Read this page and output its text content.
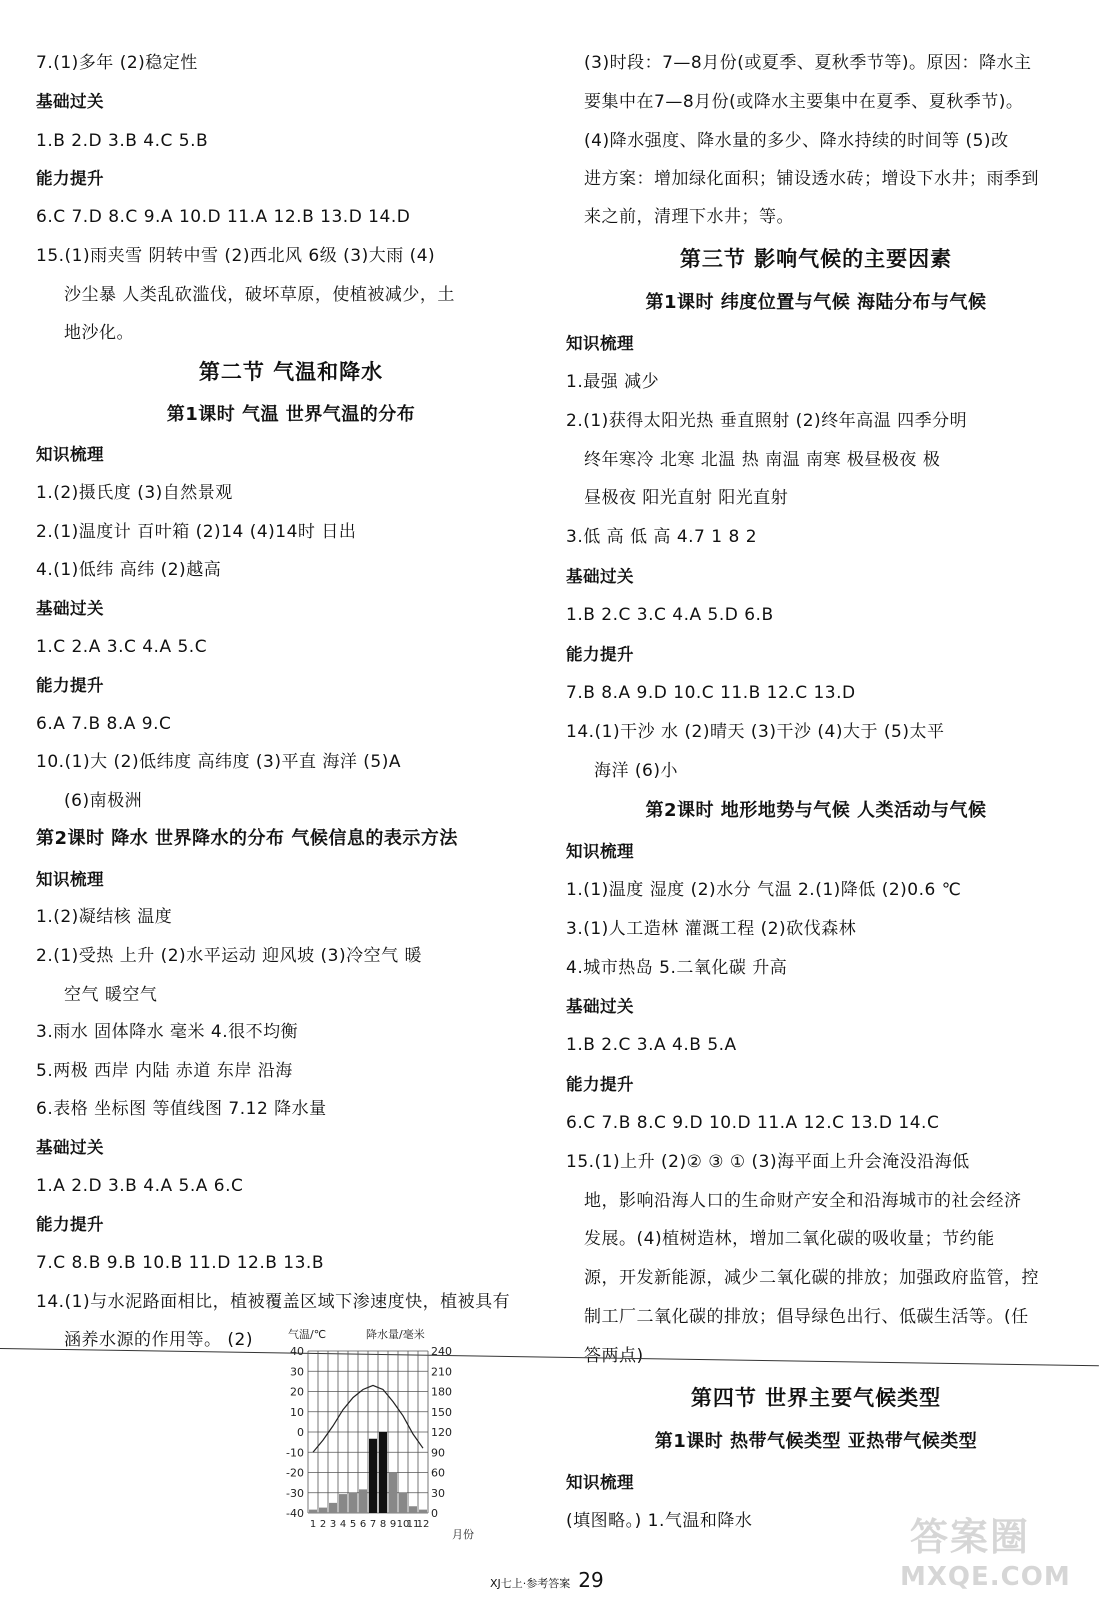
7.(1)多年 (2)稳定性
基础过关
1.B 2.D 3.B 4.C 5.B
能力提升
6.C 7.D 8.C 9.A 10.D 11.A 12.B 13.D 14.D
15.(1)雨夹雪 阴转中雪 (2)西北风 6级 (3)大雨 (4)
沙尘暴 人类乱砍滥伐，破坏草原，使植被减少，土
地沙化。
第二节 气温和降水
第1课时 气温 世界气温的分布
知识梳理
1.(2)摄氏度 (3)自然景观
2.(1)温度计 百叶箱 (2)14 (4)14时 日出
4.(1)低纬 高纬 (2)越高
基础过关
1.C 2.A 3.C 4.A 5.C
能力提升
6.A 7.B 8.A 9.C
10.(1)大 (2)低纬度 高纬度 (3)平直 海洋 (5)A
(6)南极洲
第2课时 降水 世界降水的分布 气候信息的表示方法
知识梳理
1.(2)凝结核 温度
2.(1)受热 上升 (2)水平运动 迎风坡 (3)冷空气 暖
空气 暖空气
3.雨水 固体降水 毫米 4.很不均衡
5.两极 西岸 内陆 赤道 东岸 沿海
6.表格 坐标图 等值线图 7.12 降水量
基础过关
1.A 2.D 3.B 4.A 5.A 6.C
能力提升
7.C 8.B 9.B 10.B 11.D 12.B 13.B
14.(1)与水泥路面相比，植被覆盖区域下渗速度快，植被具有
涵养水源的作用等。 (2)
(3)时段：7—8月份(或夏季、夏秋季节等)。原因：降水主
要集中在7—8月份(或降水主要集中在夏季、夏秋季节)。
(4)降水强度、降水量的多少、降水持续的时间等 (5)改
进方案：增加绿化面积；铺设透水砖；增设下水井；雨季到
来之前，清理下水井；等。
第三节 影响气候的主要因素
第1课时 纬度位置与气候 海陆分布与气候
知识梳理
1.最强 减少
2.(1)获得太阳光热 垂直照射 (2)终年高温 四季分明
终年寒冷 北寒 北温 热 南温 南寒 极昼极夜 极
昼极夜 阳光直射 阳光直射
3.低 高 低 高 4.7 1 8 2
基础过关
1.B 2.C 3.C 4.A 5.D 6.B
能力提升
7.B 8.A 9.D 10.C 11.B 12.C 13.D
14.(1)干沙 水 (2)晴天 (3)干沙 (4)大于 (5)太平
海洋 (6)小
第2课时 地形地势与气候 人类活动与气候
知识梳理
1.(1)温度 湿度 (2)水分 气温 2.(1)降低 (2)0.6 ℃
3.(1)人工造林 灌溉工程 (2)砍伐森林
4.城市热岛 5.二氧化碳 升高
基础过关
1.B 2.C 3.A 4.B 5.A
能力提升
6.C 7.B 8.C 9.D 10.D 11.A 12.C 13.D 14.C
15.(1)上升 (2)② ③ ① (3)海平面上升会淹没沿海低
地，影响沿海人口的生命财产安全和沿海城市的社会经济
发展。(4)植树造林，增加二氧化碳的吸收量；节约能
源，开发新能源，减少二氧化碳的排放；加强政府监管，控
制工厂二氧化碳的排放；倡导绿色出行、低碳生活等。(任
答两点)
第四节 世界主要气候类型
第1课时 热带气候类型 亚热带气候类型
知识梳理
(填图略。) 1.气温和降水
气温/℃	降水量/毫米
月份
40	240
30	210
20	180
10	150
0	120
-10	90
-20	60
-30	30
-40	0
1 2 3 4 5 6 7 8 9 10
11
12
XJ七上·参考答案 29
答案圈
MXQE.COM
